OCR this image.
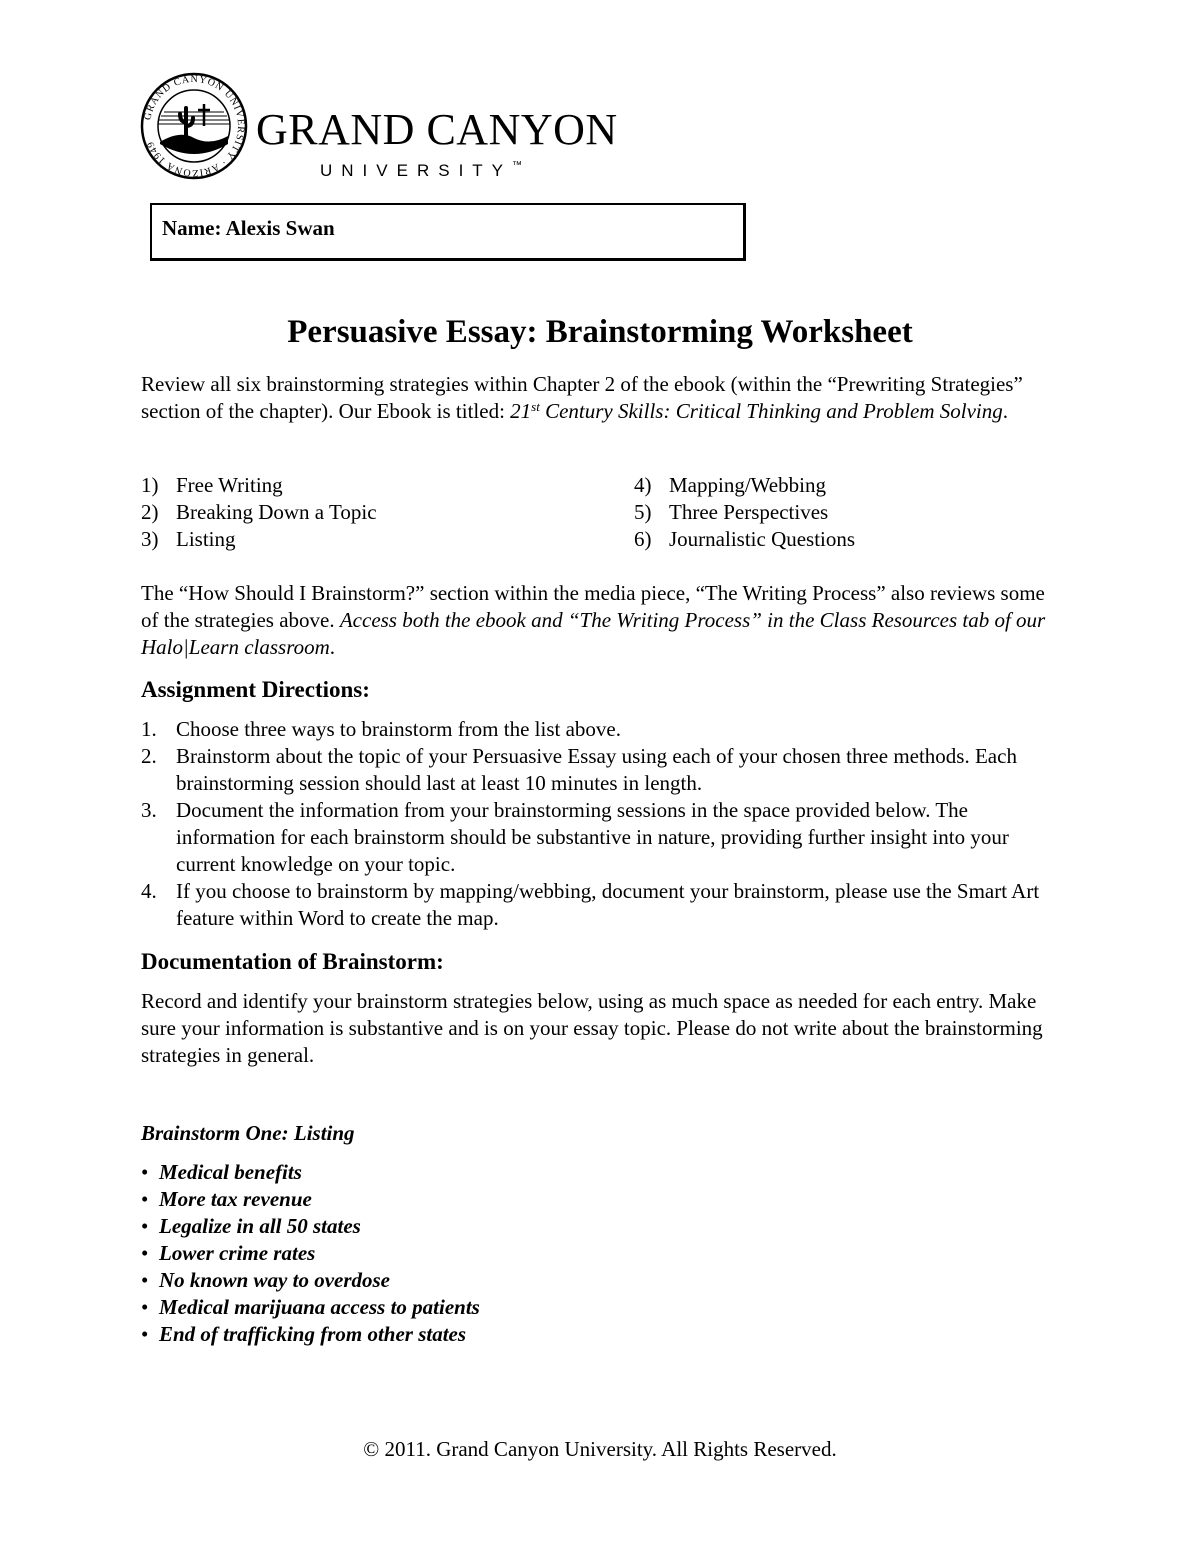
GRAND CANYON UNIVERSITY · ARIZONA 1949	GRAND CANYON
UNIVERSITY™
Name: Alexis Swan
Persuasive Essay: Brainstorming Worksheet

Review all six brainstorming strategies within Chapter 2 of the ebook (within the “Prewriting Strategies” section of the chapter). Our Ebook is titled: 21st Century Skills: Critical Thinking and Problem Solving.

1) Free Writing
2) Breaking Down a Topic
3) Listing
4) Mapping/Webbing
5) Three Perspectives
6) Journalistic Questions

The “How Should I Brainstorm?” section within the media piece, “The Writing Process” also reviews some of the strategies above. Access both the ebook and “The Writing Process” in the Class Resources tab of our Halo|Learn classroom.

Assignment Directions:
1. Choose three ways to brainstorm from the list above.
2. Brainstorm about the topic of your Persuasive Essay using each of your chosen three methods. Each brainstorming session should last at least 10 minutes in length.
3. Document the information from your brainstorming sessions in the space provided below. The information for each brainstorm should be substantive in nature, providing further insight into your current knowledge on your topic.
4. If you choose to brainstorm by mapping/webbing, document your brainstorm, please use the Smart Art feature within Word to create the map.
Documentation of Brainstorm:

Record and identify your brainstorm strategies below, using as much space as needed for each entry. Make sure your information is substantive and is on your essay topic. Please do not write about the brainstorming strategies in general.

Brainstorm One: Listing
• Medical benefits
• More tax revenue
• Legalize in all 50 states
• Lower crime rates
• No known way to overdose
• Medical marijuana access to patients
• End of trafficking from other states
© 2011. Grand Canyon University. All Rights Reserved.
